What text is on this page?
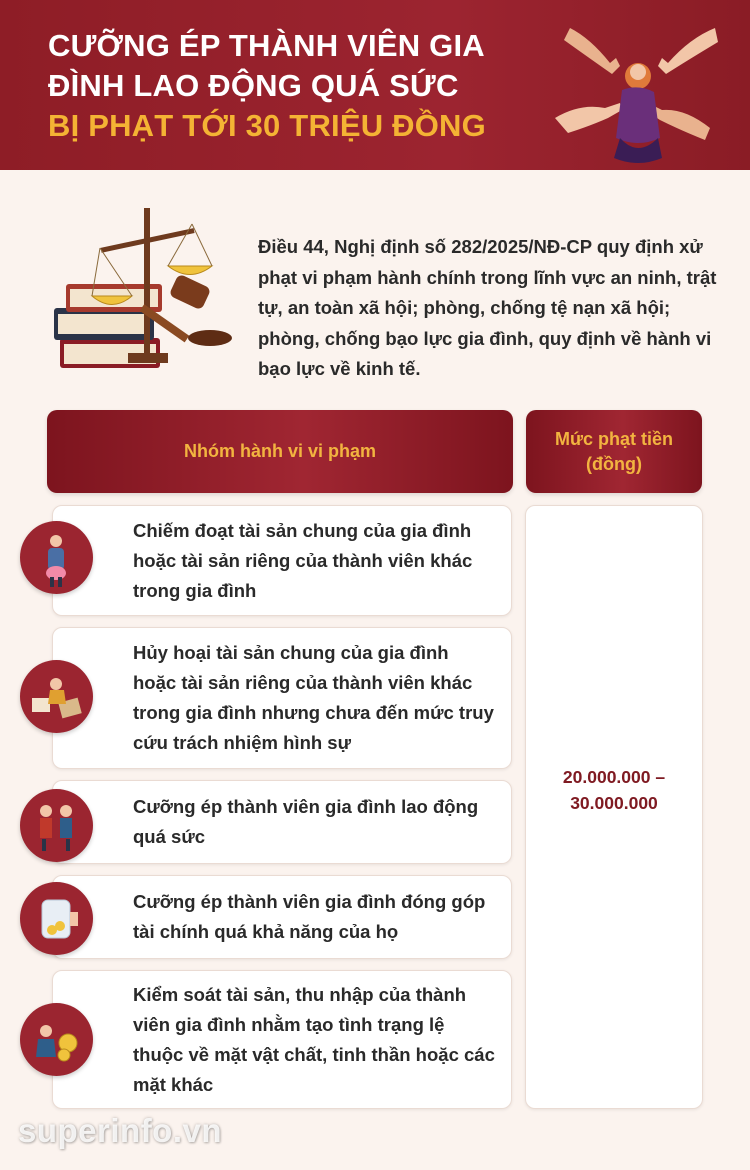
CƯỠNG ÉP THÀNH VIÊN GIA
ĐÌNH LAO ĐỘNG QUÁ SỨC
BỊ PHẠT TỚI 30 TRIỆU ĐỒNG
Điều 44, Nghị định số 282/2025/NĐ-CP quy định xử phạt vi phạm hành chính trong lĩnh vực an ninh, trật tự, an toàn xã hội; phòng, chống tệ nạn xã hội; phòng, chống bạo lực gia đình, quy định về hành vi bạo lực về kinh tế.
Nhóm hành vi vi phạm
Mức phạt tiền (đồng)
Chiếm đoạt tài sản chung của gia đình hoặc tài sản riêng của thành viên khác trong gia đình
Hủy hoại tài sản chung của gia đình hoặc tài sản riêng của thành viên khác trong gia đình nhưng chưa đến mức truy cứu trách nhiệm hình sự
Cưỡng ép thành viên gia đình lao động quá sức
Cưỡng ép thành viên gia đình đóng góp tài chính quá khả năng của họ
Kiểm soát tài sản, thu nhập của thành viên gia đình nhằm tạo tình trạng lệ thuộc về mặt vật chất, tinh thần hoặc các mặt khác
20.000.000 –
30.000.000
superinfo.vn
